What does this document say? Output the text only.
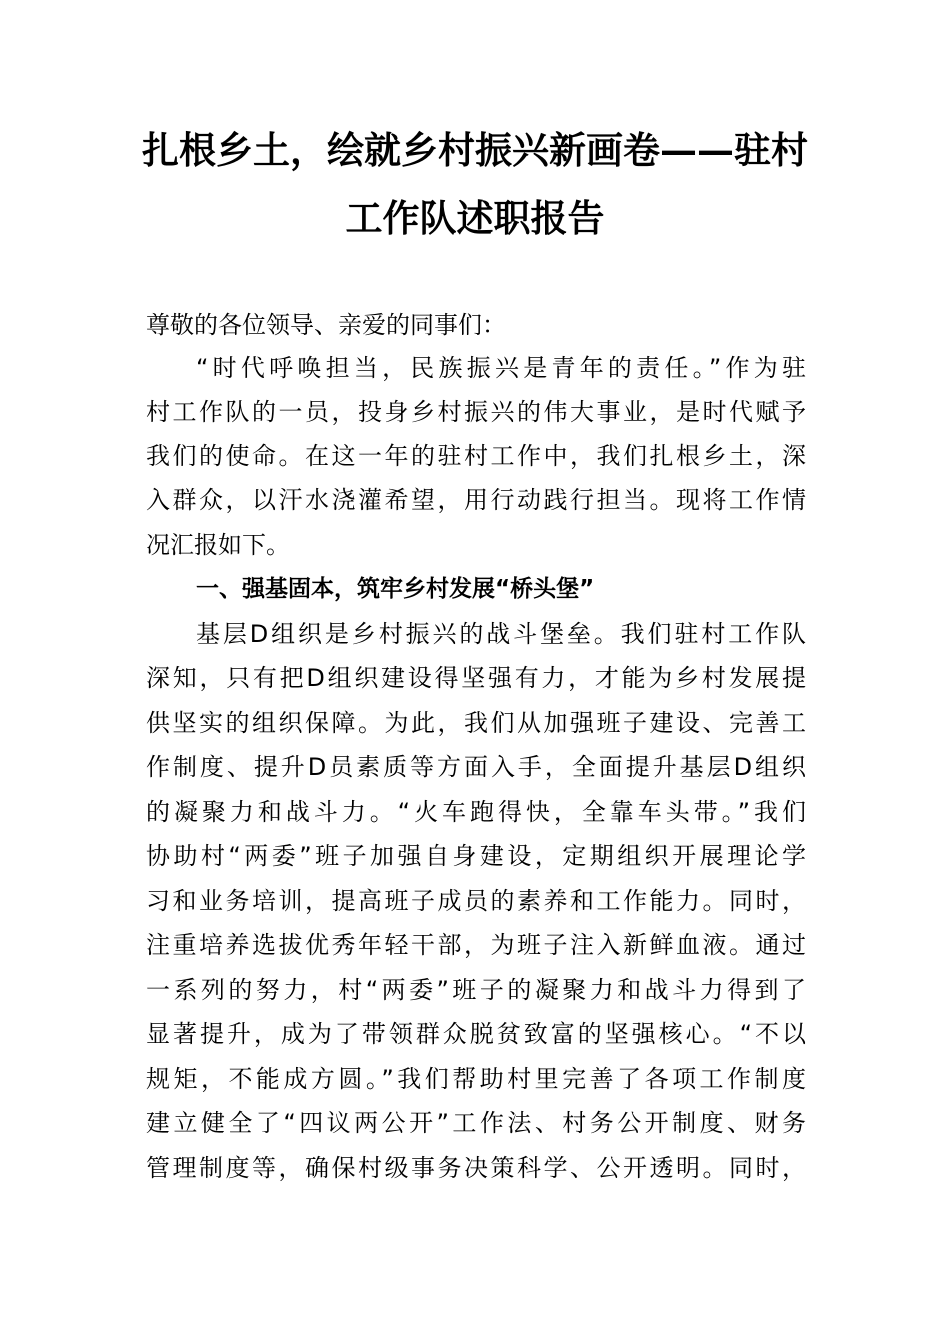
扎根乡土，绘就乡村振兴新画卷——驻村
工作队述职报告
尊敬的各位领导、亲爱的同事们：
“时代呼唤担当，民族振兴是青年的责任。”作为驻
村工作队的一员，投身乡村振兴的伟大事业，是时代赋予
我们的使命。在这一年的驻村工作中，我们扎根乡土，深
入群众，以汗水浇灌希望，用行动践行担当。现将工作情
况汇报如下。
一、强基固本，筑牢乡村发展“桥头堡”
基层D组织是乡村振兴的战斗堡垒。我们驻村工作队
深知，只有把D组织建设得坚强有力，才能为乡村发展提
供坚实的组织保障。为此，我们从加强班子建设、完善工
作制度、提升D员素质等方面入手，全面提升基层D组织
的凝聚力和战斗力。“火车跑得快，全靠车头带。”我们
协助村“两委”班子加强自身建设，定期组织开展理论学
习和业务培训，提高班子成员的素养和工作能力。同时，
注重培养选拔优秀年轻干部，为班子注入新鲜血液。通过
一系列的努力，村“两委”班子的凝聚力和战斗力得到了
显著提升，成为了带领群众脱贫致富的坚强核心。“不以
规矩，不能成方圆。”我们帮助村里完善了各项工作制度
建立健全了“四议两公开”工作法、村务公开制度、财务
管理制度等，确保村级事务决策科学、公开透明。同时，
